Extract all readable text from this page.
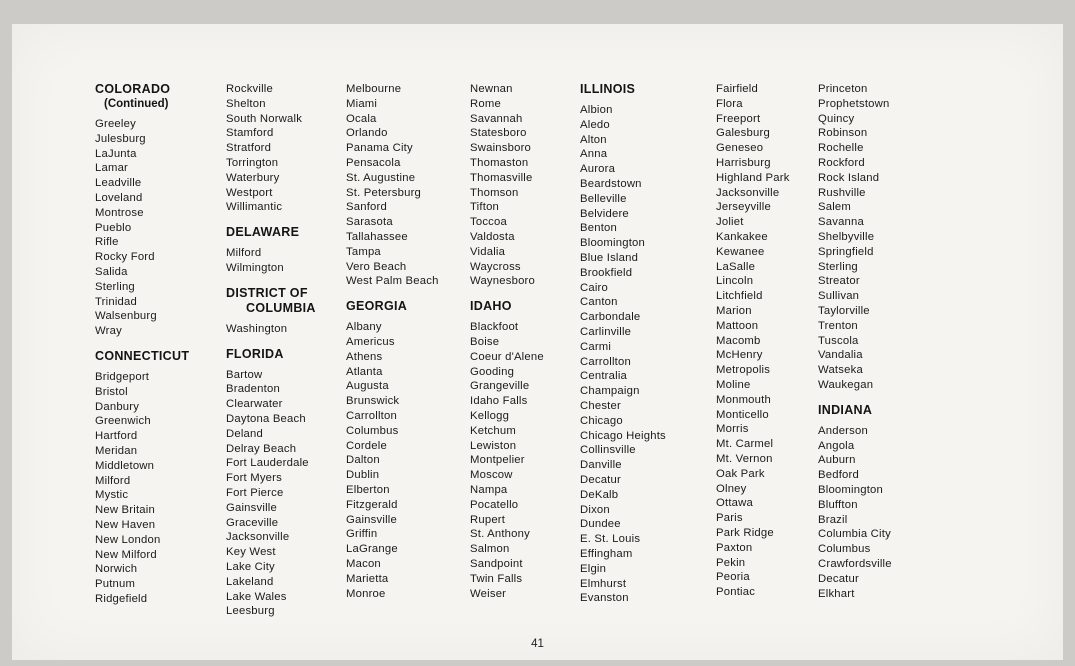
COLORADO
(Continued)
Greeley
Julesburg
LaJunta
Lamar
Leadville
Loveland
Montrose
Pueblo
Rifle
Rocky Ford
Salida
Sterling
Trinidad
Walsenburg
Wray
CONNECTICUT
Bridgeport
Bristol
Danbury
Greenwich
Hartford
Meridan
Middletown
Milford
Mystic
New Britain
New Haven
New London
New Milford
Norwich
Putnum
Ridgefield
Rockville
Shelton
South Norwalk
Stamford
Stratford
Torrington
Waterbury
Westport
Willimantic
DELAWARE
Milford
Wilmington
DISTRICT OF
COLUMBIA
Washington
FLORIDA
Bartow
Bradenton
Clearwater
Daytona Beach
Deland
Delray Beach
Fort Lauderdale
Fort Myers
Fort Pierce
Gainsville
Graceville
Jacksonville
Key West
Lake City
Lakeland
Lake Wales
Leesburg
Melbourne
Miami
Ocala
Orlando
Panama City
Pensacola
St. Augustine
St. Petersburg
Sanford
Sarasota
Tallahassee
Tampa
Vero Beach
West Palm Beach
GEORGIA
Albany
Americus
Athens
Atlanta
Augusta
Brunswick
Carrollton
Columbus
Cordele
Dalton
Dublin
Elberton
Fitzgerald
Gainsville
Griffin
LaGrange
Macon
Marietta
Monroe
Newnan
Rome
Savannah
Statesboro
Swainsboro
Thomaston
Thomasville
Thomson
Tifton
Toccoa
Valdosta
Vidalia
Waycross
Waynesboro
IDAHO
Blackfoot
Boise
Coeur d'Alene
Gooding
Grangeville
Idaho Falls
Kellogg
Ketchum
Lewiston
Montpelier
Moscow
Nampa
Pocatello
Rupert
St. Anthony
Salmon
Sandpoint
Twin Falls
Weiser
ILLINOIS
Albion
Aledo
Alton
Anna
Aurora
Beardstown
Belleville
Belvidere
Benton
Bloomington
Blue Island
Brookfield
Cairo
Canton
Carbondale
Carlinville
Carmi
Carrollton
Centralia
Champaign
Chester
Chicago
Chicago Heights
Collinsville
Danville
Decatur
DeKalb
Dixon
Dundee
E. St. Louis
Effingham
Elgin
Elmhurst
Evanston
Fairfield
Flora
Freeport
Galesburg
Geneseo
Harrisburg
Highland Park
Jacksonville
Jerseyville
Joliet
Kankakee
Kewanee
LaSalle
Lincoln
Litchfield
Marion
Mattoon
Macomb
McHenry
Metropolis
Moline
Monmouth
Monticello
Morris
Mt. Carmel
Mt. Vernon
Oak Park
Olney
Ottawa
Paris
Park Ridge
Paxton
Pekin
Peoria
Pontiac
Princeton
Prophetstown
Quincy
Robinson
Rochelle
Rockford
Rock Island
Rushville
Salem
Savanna
Shelbyville
Springfield
Sterling
Streator
Sullivan
Taylorville
Trenton
Tuscola
Vandalia
Watseka
Waukegan
INDIANA
Anderson
Angola
Auburn
Bedford
Bloomington
Bluffton
Brazil
Columbia City
Columbus
Crawfordsville
Decatur
Elkhart
41
